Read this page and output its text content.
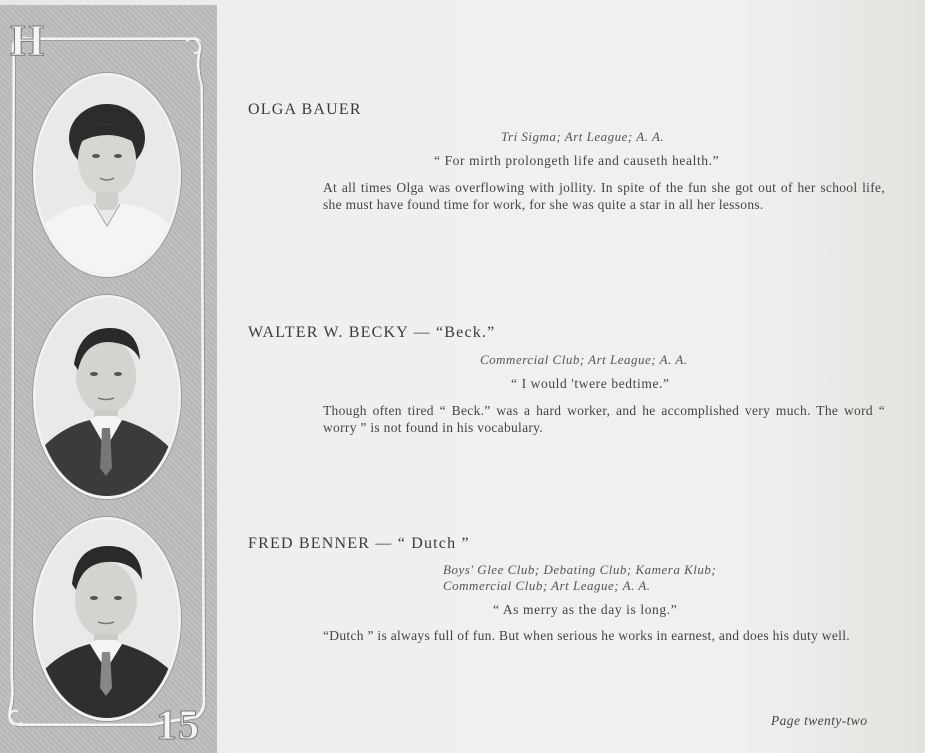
H
15
OLGA BAUER
Tri Sigma; Art League; A. A.
“ For mirth prolongeth life and causeth health.”
At all times Olga was overflowing with jollity. In spite of the fun she got out of her school life, she must have found time for work, for she was quite a star in all her lessons.
WALTER W. BECKY — “Beck.”
Commercial Club; Art League; A. A.
“ I would 'twere bedtime.”
Though often tired “ Beck.” was a hard worker, and he accomplished very much. The word “ worry ” is not found in his vocabulary.
FRED BENNER — “ Dutch ”
Boys' Glee Club; Debating Club; Kamera Klub;
Commercial Club; Art League; A. A.
“ As merry as the day is long.”
“Dutch ” is always full of fun. But when serious he works in earnest, and does his duty well.
Page twenty-two
